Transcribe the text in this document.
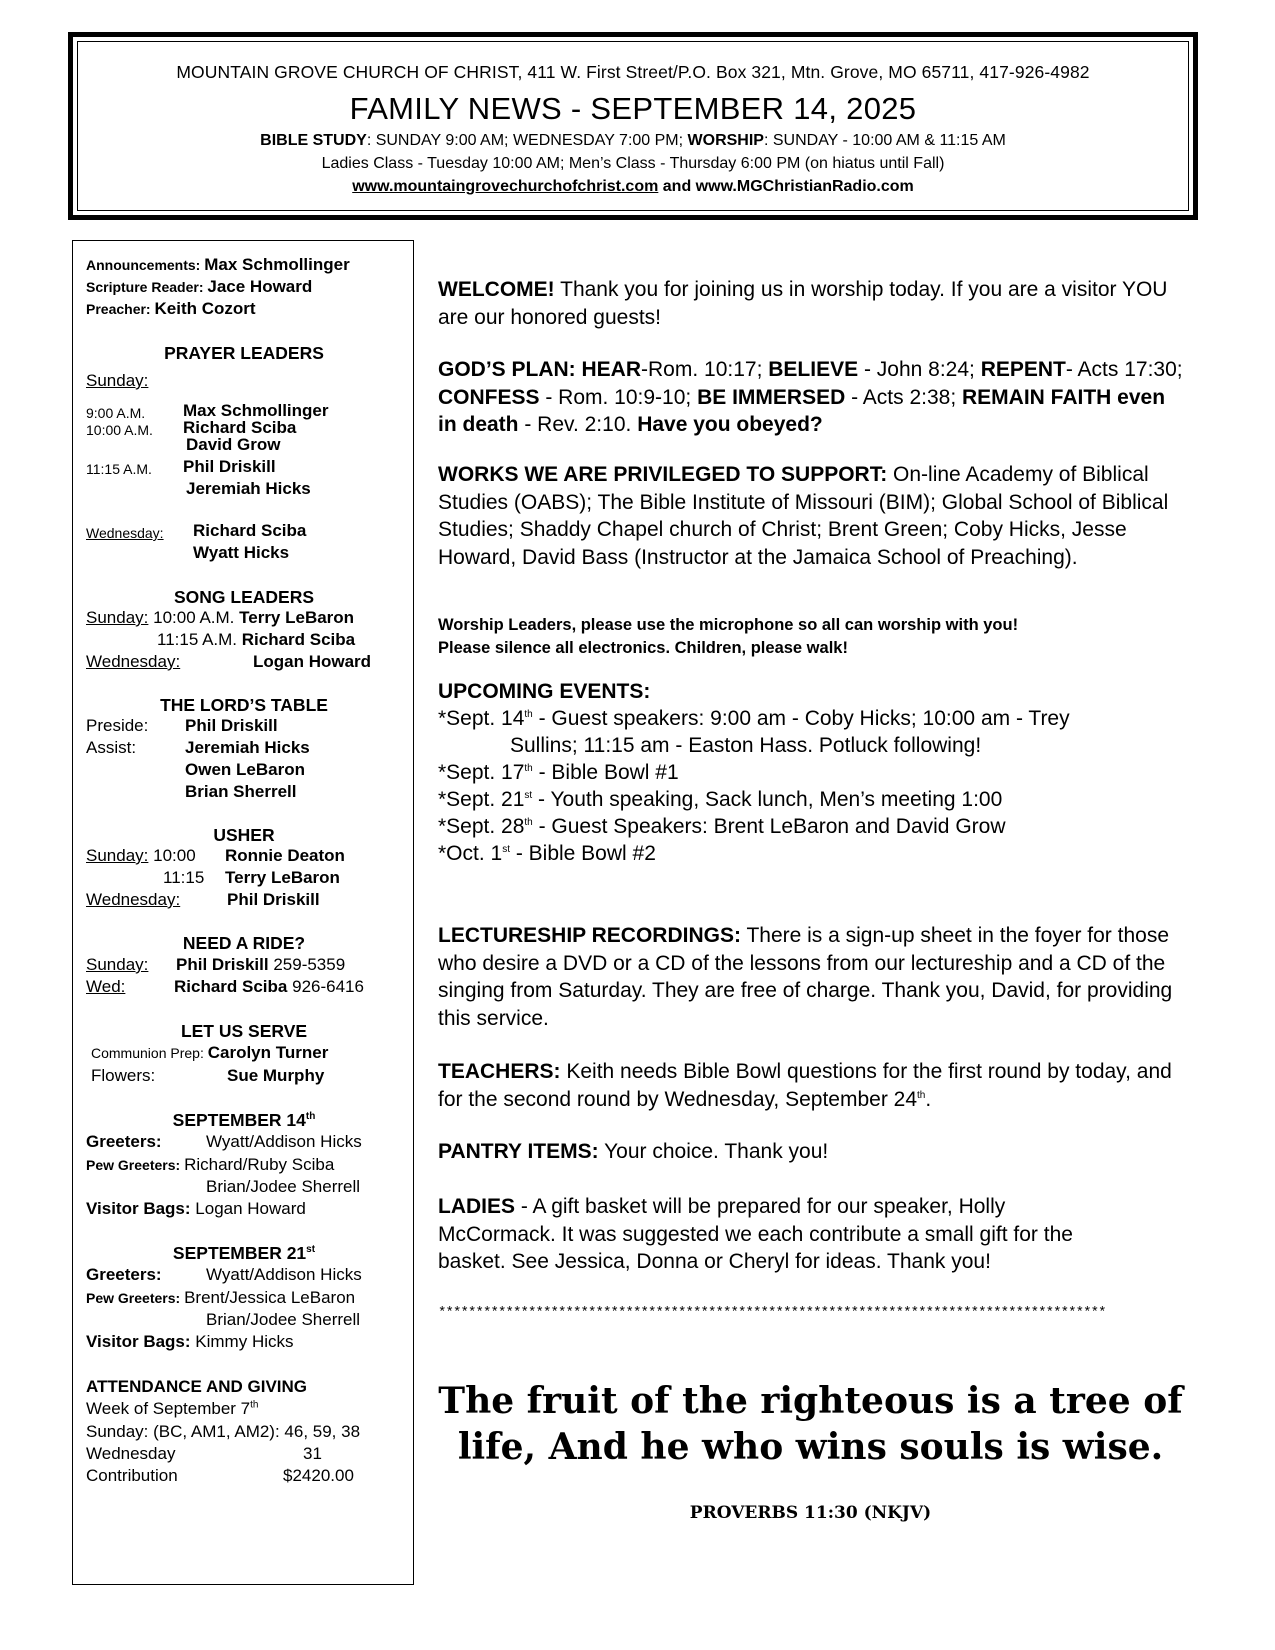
MOUNTAIN GROVE CHURCH OF CHRIST, 411 W. First Street/P.O. Box 321, Mtn. Grove, MO 65711, 417-926-4982
FAMILY NEWS - SEPTEMBER 14, 2025
BIBLE STUDY: SUNDAY 9:00 AM; WEDNESDAY 7:00 PM; WORSHIP: SUNDAY - 10:00 AM & 11:15 AM
Ladies Class - Tuesday 10:00 AM; Men’s Class - Thursday 6:00 PM (on hiatus until Fall)
www.mountaingrovechurchofchrist.com and www.MGChristianRadio.com
Announcements: Max Schmollinger
Scripture Reader: Jace Howard
Preacher: Keith Cozort
PRAYER LEADERS
Sunday:
9:00 A.M. Max Schmollinger
10:00 A.M. Richard Sciba
David Grow
11:15 A.M. Phil Driskill
Jeremiah Hicks
Wednesday: Richard Sciba
Wyatt Hicks
SONG LEADERS
Sunday: 10:00 A.M. Terry LeBaron
11:15 A.M. Richard Sciba
Wednesday:	Logan Howard
THE LORD’S TABLE
Preside: Phil Driskill
Assist:	Jeremiah Hicks
Owen LeBaron
Brian Sherrell
USHER
Sunday: 10:00 Ronnie Deaton
11:15 Terry LeBaron
Wednesday:	Phil Driskill
NEED A RIDE?
Sunday: Phil Driskill 259-5359
Wed:	Richard Sciba 926-6416
LET US SERVE
Communion Prep: Carolyn Turner
Flowers:	Sue Murphy
SEPTEMBER 14th
Greeters:	Wyatt/Addison Hicks
Pew Greeters: Richard/Ruby Sciba
Brian/Jodee Sherrell
Visitor Bags: Logan Howard
SEPTEMBER 21st
Greeters:	Wyatt/Addison Hicks
Pew Greeters: Brent/Jessica LeBaron
Brian/Jodee Sherrell
Visitor Bags: Kimmy Hicks
ATTENDANCE AND GIVING
Week of September 7th
Sunday: (BC, AM1, AM2): 46, 59, 38
Wednesday	31
Contribution	$2420.00

WELCOME! Thank you for joining us in worship today. If you are a visitor YOU are our honored guests!

GOD’S PLAN: HEAR-Rom. 10:17; BELIEVE - John 8:24; REPENT- Acts 17:30; CONFESS - Rom. 10:9-10; BE IMMERSED - Acts 2:38; REMAIN FAITH even in death - Rev. 2:10. Have you obeyed?

WORKS WE ARE PRIVILEGED TO SUPPORT: On-line Academy of Biblical Studies (OABS); The Bible Institute of Missouri (BIM); Global School of Biblical Studies; Shaddy Chapel church of Christ; Brent Green; Coby Hicks, Jesse Howard, David Bass (Instructor at the Jamaica School of Preaching).

Worship Leaders, please use the microphone so all can worship with you!

Please silence all electronics. Children, please walk!

UPCOMING EVENTS:

*Sept. 14th - Guest speakers: 9:00 am - Coby Hicks; 10:00 am - Trey

Sullins; 11:15 am - Easton Hass. Potluck following!

*Sept. 17th - Bible Bowl #1

*Sept. 21st - Youth speaking, Sack lunch, Men’s meeting 1:00

*Sept. 28th - Guest Speakers: Brent LeBaron and David Grow

*Oct. 1st - Bible Bowl #2

LECTURESHIP RECORDINGS: There is a sign-up sheet in the foyer for those who desire a DVD or a CD of the lessons from our lectureship and a CD of the singing from Saturday. They are free of charge. Thank you, David, for providing this service.

TEACHERS: Keith needs Bible Bowl questions for the first round by today, and for the second round by Wednesday, September 24th.

PANTRY ITEMS: Your choice. Thank you!

LADIES - A gift basket will be prepared for our speaker, Holly McCormack. It was suggested we each contribute a small gift for the basket. See Jessica, Donna or Cheryl for ideas. Thank you!

*****************************************************************************************
The fruit of the righteous is a tree of life, And he who wins souls is wise.
PROVERBS 11:30 (NKJV)
